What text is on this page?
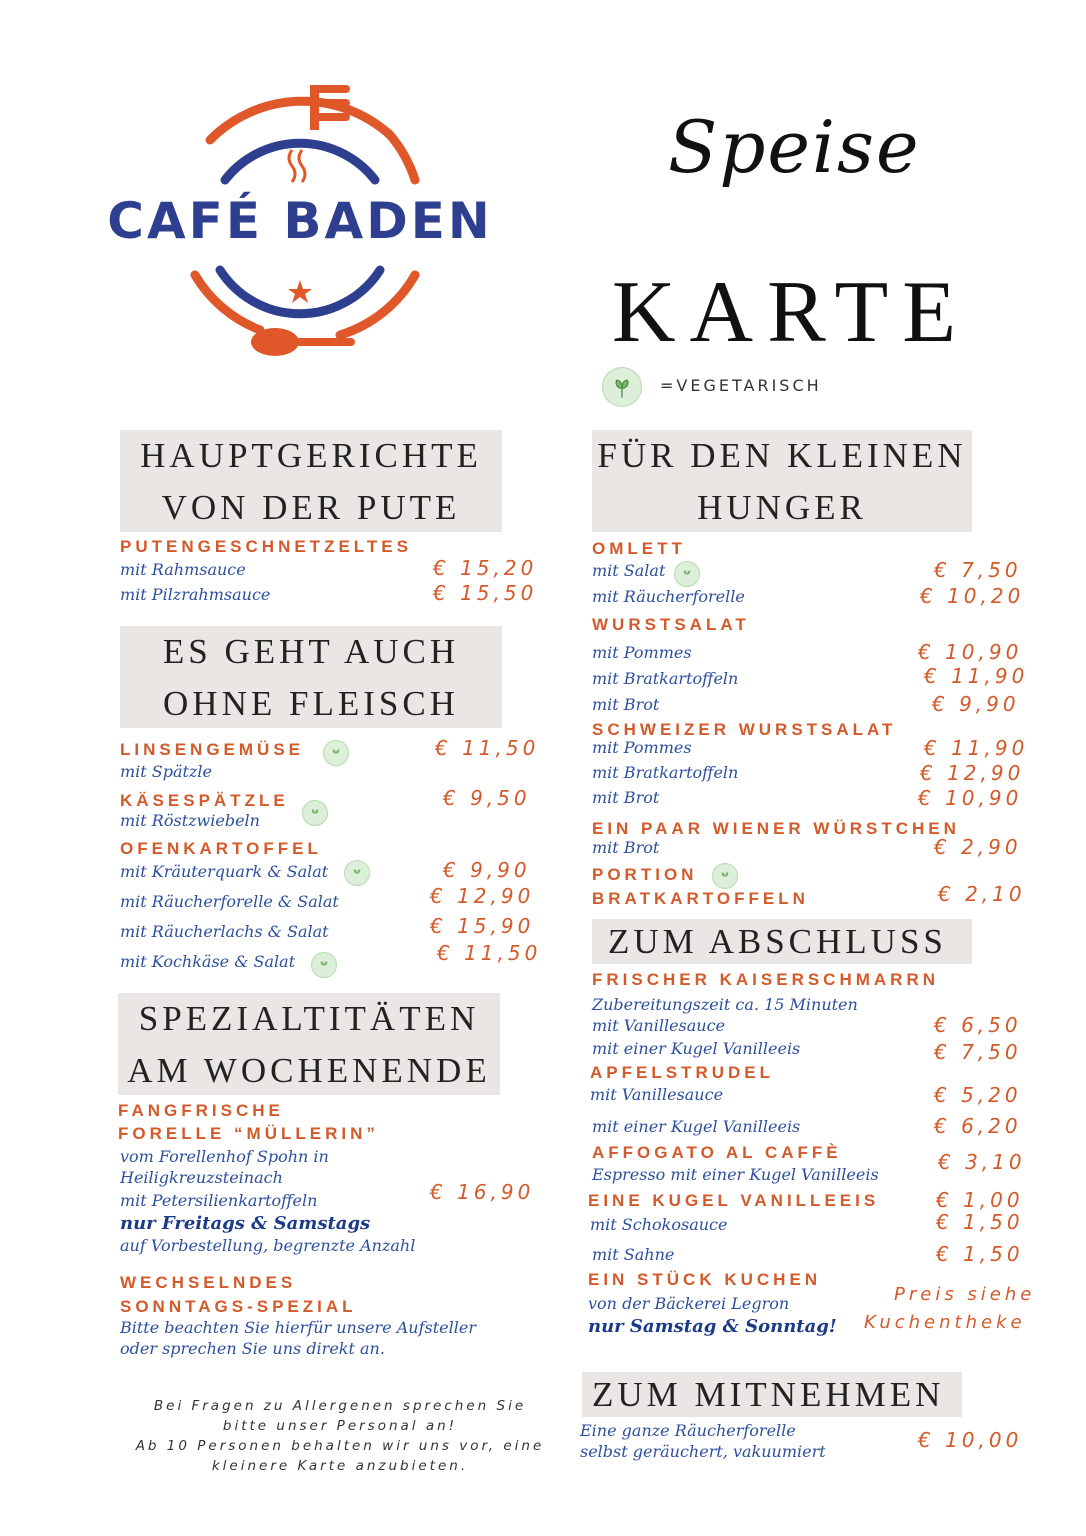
CAFÉ BADEN
Speise
KARTE
=VEGETARISCH
HAUPTGERICHTE
VON DER PUTE
PUTENGESCHNETZELTES
mit Rahmsauce	€ 15,20
mit Pilzrahmsauce	€ 15,50
ES GEHT AUCH
OHNE FLEISCH
LINSENGEMÜSE	€ 11,50
mit Spätzle
KÄSESPÄTZLE	€ 9,50
mit Röstzwiebeln
OFENKARTOFFEL
mit Kräuterquark & Salat	€ 9,90
mit Räucherforelle & Salat	€ 12,90
mit Räucherlachs & Salat	€ 15,90
mit Kochkäse & Salat	€ 11,50
SPEZIALTITÄTEN
AM WOCHENENDE
FANGFRISCHE
FORELLE “MÜLLERIN”
vom Forellenhof Spohn in
Heiligkreuzsteinach
mit Petersilienkartoffeln	€ 16,90
nur Freitags & Samstags
auf Vorbestellung, begrenzte Anzahl
WECHSELNDES
SONNTAGS-SPEZIAL
Bitte beachten Sie hierfür unsere Aufsteller
oder sprechen Sie uns direkt an.
Bei Fragen zu Allergenen sprechen Sie
bitte unser Personal an!
Ab 10 Personen behalten wir uns vor, eine
kleinere Karte anzubieten.
FÜR DEN KLEINEN
HUNGER
OMLETT
mit Salat	€ 7,50
mit Räucherforelle	€ 10,20
WURSTSALAT
mit Pommes	€ 10,90
mit Bratkartoffeln	€ 11,90
mit Brot	€ 9,90
SCHWEIZER WURSTSALAT
mit Pommes	€ 11,90
mit Bratkartoffeln	€ 12,90
mit Brot	€ 10,90
EIN PAAR WIENER WÜRSTCHEN
mit Brot	€ 2,90
PORTION
BRATKARTOFFELN	€ 2,10
ZUM ABSCHLUSS
FRISCHER KAISERSCHMARRN
Zubereitungszeit ca. 15 Minuten
mit Vanillesauce	€ 6,50
mit einer Kugel Vanilleeis	€ 7,50
APFELSTRUDEL
mit Vanillesauce	€ 5,20
mit einer Kugel Vanilleeis	€ 6,20
AFFOGATO AL CAFFÈ
Espresso mit einer Kugel Vanilleeis
€ 3,10
EINE KUGEL VANILLEEIS	€ 1,00
mit Schokosauce	€ 1,50
mit Sahne	€ 1,50
EIN STÜCK KUCHEN
von der Bäckerei Legron
nur Samstag & Sonntag!
Preis siehe
Kuchentheke
ZUM MITNEHMEN
Eine ganze Räucherforelle
selbst geräuchert, vakuumiert	€ 10,00
